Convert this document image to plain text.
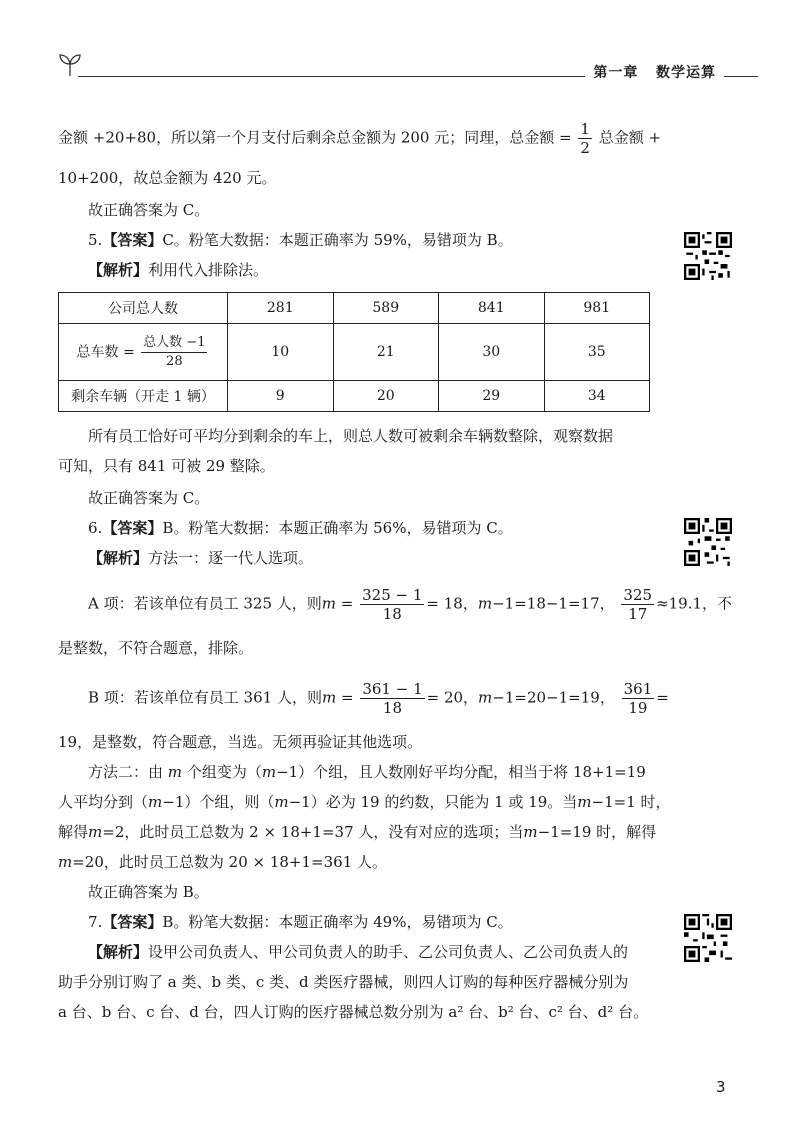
第一章 数学运算
金额 +20+80，所以第一个月支付后剩余总金额为 200 元；同理，总金额 = $\frac{1}{2}$ 总金额 +
10+200，故总金额为 420 元。
故正确答案为 C。
5.【答案】C。粉笔大数据：本题正确率为 59%，易错项为 B。
【解析】利用代入排除法。
公司总人数	281	589	841	981
总车数 = $\frac{\text{总人数 −1}}{28}$	10	21	30	35
剩余车辆（开走 1 辆）	9	20	29	34
所有员工恰好可平均分到剩余的车上，则总人数可被剩余车辆数整除，观察数据
可知，只有 841 可被 29 整除。
故正确答案为 C。
6.【答案】B。粉笔大数据：本题正确率为 56%，易错项为 C。
【解析】方法一：逐一代人选项。
A 项：若该单位有员工 325 人，则$m = \frac{325 - 1}{18} = 18$，m−1=18−1=17， $\frac{325}{17} \approx 19.1$，不
是整数，不符合题意，排除。
B 项：若该单位有员工 361 人，则$m = \frac{361 - 1}{18} = 20$，m−1=20−1=19， $\frac{361}{19}$ =
19，是整数，符合题意，当选。无须再验证其他选项。
方法二：由 m 个组变为（m−1）个组，且人数刚好平均分配，相当于将 18+1=19
人平均分到（m−1）个组，则（m−1）必为 19 的约数，只能为 1 或 19。当m−1=1 时，
解得m=2，此时员工总数为 2 × 18+1=37 人，没有对应的选项；当m−1=19 时，解得
m=20，此时员工总数为 20 × 18+1=361 人。
故正确答案为 B。
7.【答案】B。粉笔大数据：本题正确率为 49%，易错项为 C。
【解析】设甲公司负责人、甲公司负责人的助手、乙公司负责人、乙公司负责人的
助手分别订购了 a 类、b 类、c 类、d 类医疗器械，则四人订购的每种医疗器械分别为
a 台、b 台、c 台、d 台，四人订购的医疗器械总数分别为 a² 台、b² 台、c² 台、d² 台。
3
